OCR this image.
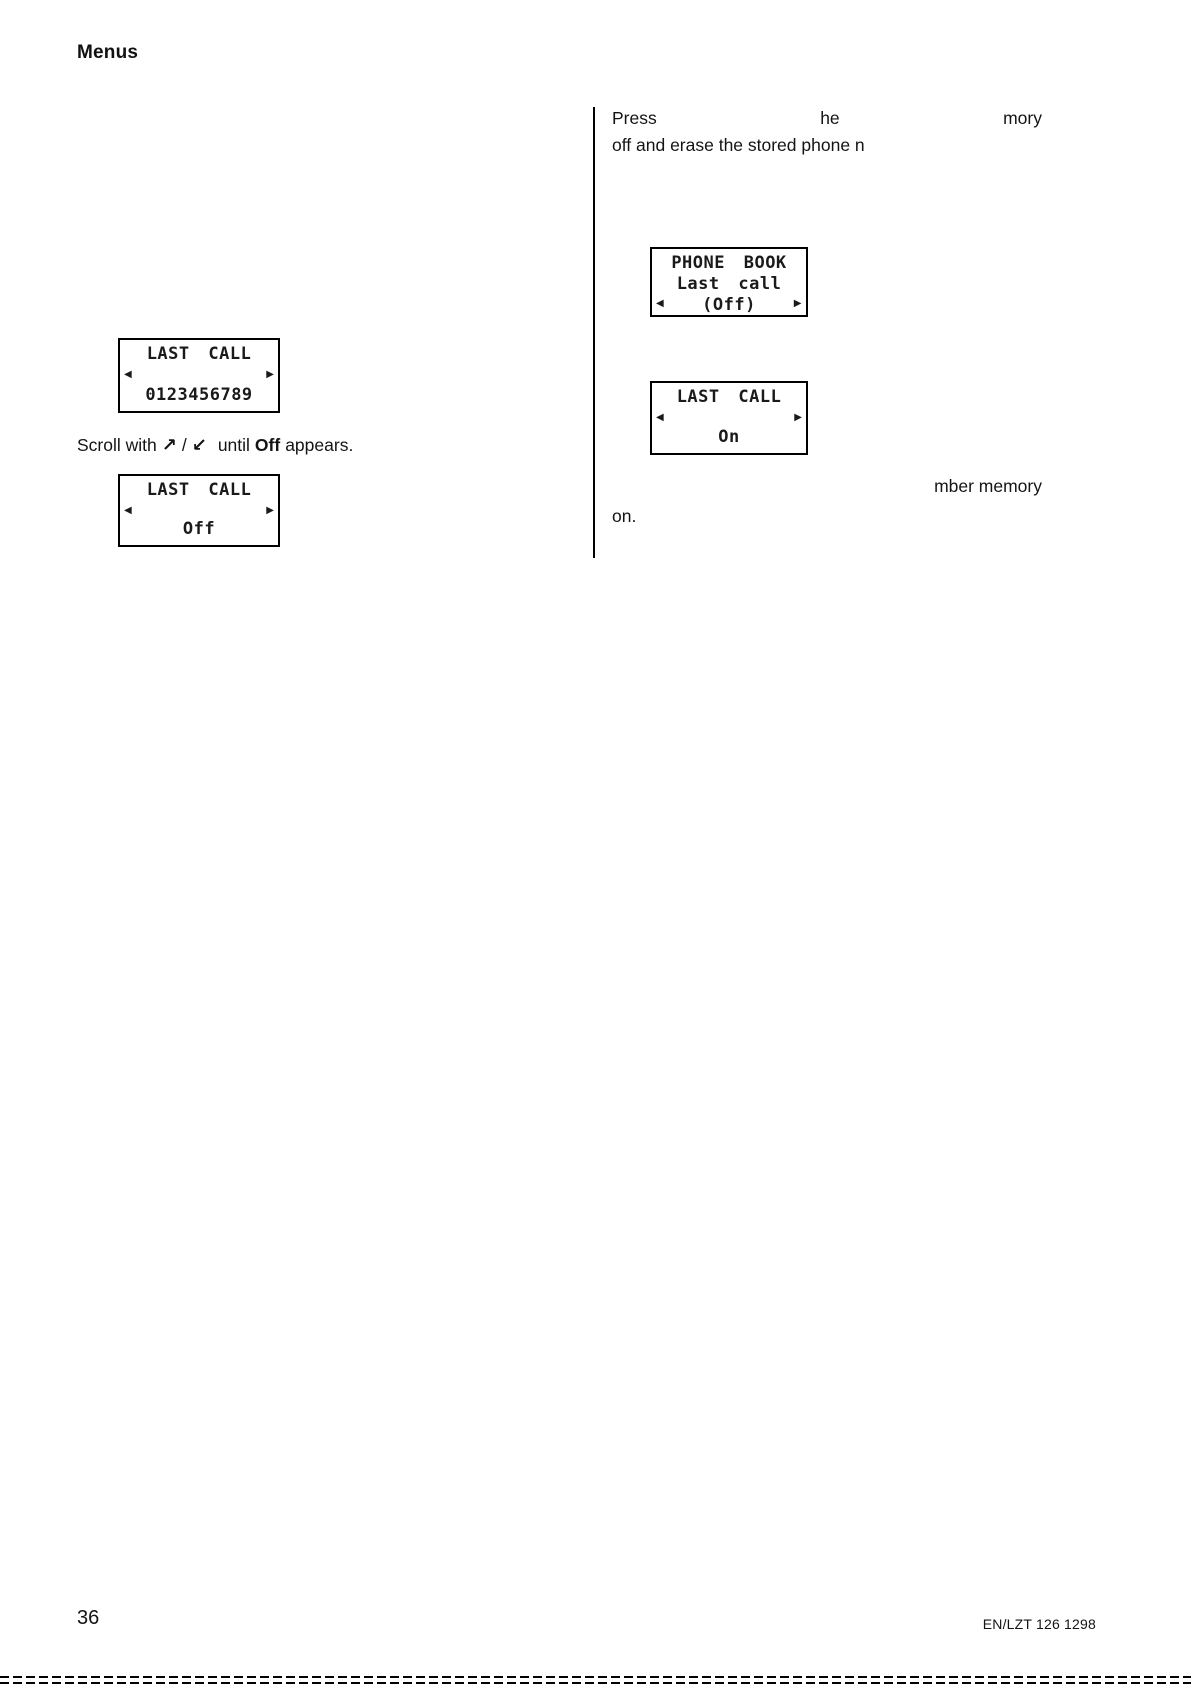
Menus
Press	he	mory
off and erase the stored phone n
PHONE BOOK
Last call
(Off)
◀	▶
LAST CALL
◀	▶
On
mber memory
on.
LAST CALL
◀	▶
0123456789
Scroll with ↗ / ↙ until Off appears.
LAST CALL
◀	▶
Off
36	EN/LZT 126 1298
